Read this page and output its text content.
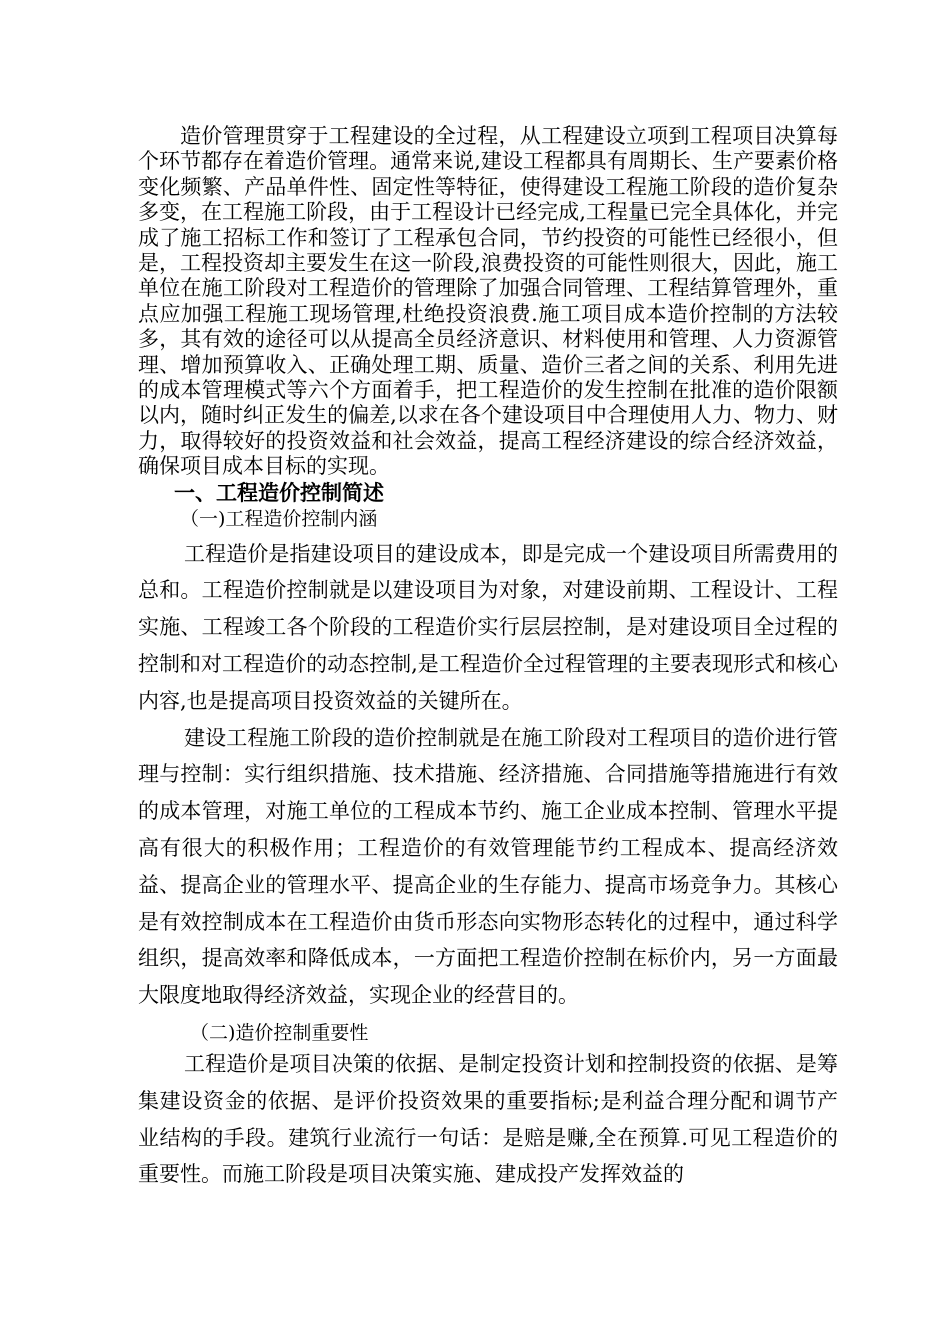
造价管理贯穿于工程建设的全过程，从工程建设立项到工程项目决算每个环节都存在着造价管理。通常来说,建设工程都具有周期长、生产要素价格变化频繁、产品单件性、固定性等特征，使得建设工程施工阶段的造价复杂多变，在工程施工阶段，由于工程设计已经完成,工程量已完全具体化，并完成了施工招标工作和签订了工程承包合同，节约投资的可能性已经很小，但是，工程投资却主要发生在这一阶段,浪费投资的可能性则很大，因此，施工单位在施工阶段对工程造价的管理除了加强合同管理、工程结算管理外，重点应加强工程施工现场管理,杜绝投资浪费.施工项目成本造价控制的方法较多，其有效的途径可以从提高全员经济意识、材料使用和管理、人力资源管理、增加预算收入、正确处理工期、质量、造价三者之间的关系、利用先进的成本管理模式等六个方面着手，把工程造价的发生控制在批准的造价限额以内，随时纠正发生的偏差,以求在各个建设项目中合理使用人力、物力、财力，取得较好的投资效益和社会效益，提高工程经济建设的综合经济效益，确保项目成本目标的实现。

一、工程造价控制简述

（一)工程造价控制内涵

工程造价是指建设项目的建设成本，即是完成一个建设项目所需费用的总和。工程造价控制就是以建设项目为对象，对建设前期、工程设计、工程实施、工程竣工各个阶段的工程造价实行层层控制，是对建设项目全过程的控制和对工程造价的动态控制,是工程造价全过程管理的主要表现形式和核心内容,也是提高项目投资效益的关键所在。

建设工程施工阶段的造价控制就是在施工阶段对工程项目的造价进行管理与控制：实行组织措施、技术措施、经济措施、合同措施等措施进行有效的成本管理，对施工单位的工程成本节约、施工企业成本控制、管理水平提高有很大的积极作用；工程造价的有效管理能节约工程成本、提高经济效益、提高企业的管理水平、提高企业的生存能力、提高市场竞争力。其核心是有效控制成本在工程造价由货币形态向实物形态转化的过程中，通过科学组织，提高效率和降低成本，一方面把工程造价控制在标价内，另一方面最大限度地取得经济效益，实现企业的经营目的。

（二)造价控制重要性

工程造价是项目决策的依据、是制定投资计划和控制投资的依据、是筹集建设资金的依据、是评价投资效果的重要指标;是利益合理分配和调节产业结构的手段。建筑行业流行一句话：是赔是赚,全在预算.可见工程造价的重要性。而施工阶段是项目决策实施、建成投产发挥效益的
